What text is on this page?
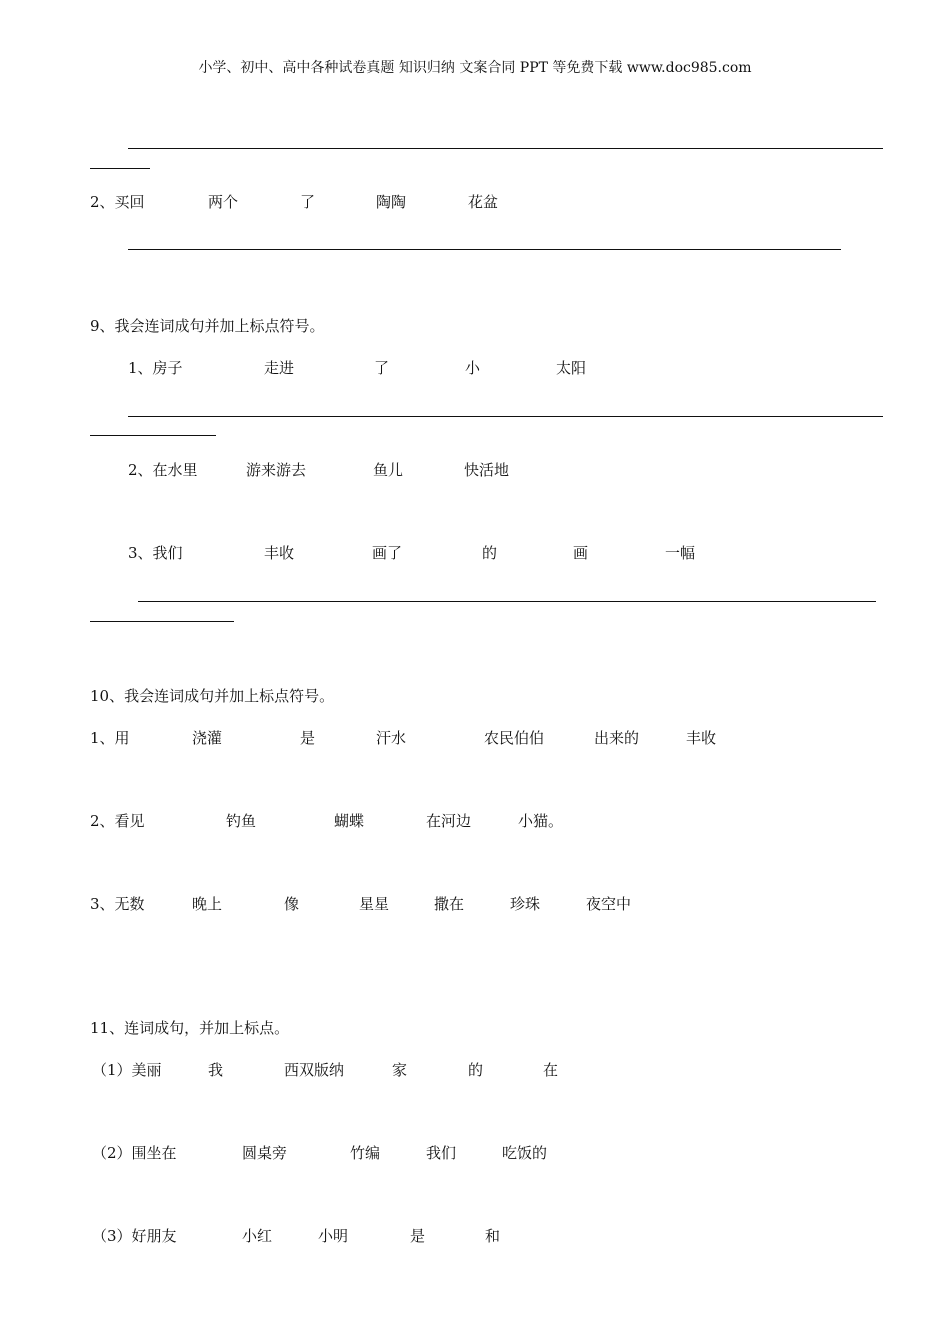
小学、初中、高中各种试卷真题 知识归纳 文案合同 PPT 等免费下载 www.doc985.com
2、买回	两个	了	陶陶	花盆
9、我会连词成句并加上标点符号。
1、房子	走进	了	小	太阳
2、在水里	游来游去	鱼儿	快活地
3、我们	丰收	画了	的	画	一幅
10、我会连词成句并加上标点符号。
1、用	浇灌	是	汗水	农民伯伯	出来的	丰收
2、看见	钓鱼	蝴蝶	在河边	小猫。
3、无数	晚上	像	星星	撒在	珍珠	夜空中
11、连词成句，并加上标点。
（1）美丽	我	西双版纳	家	的	在
（2）围坐在	圆桌旁	竹编	我们	吃饭的
（3）好朋友	小红	小明	是	和
